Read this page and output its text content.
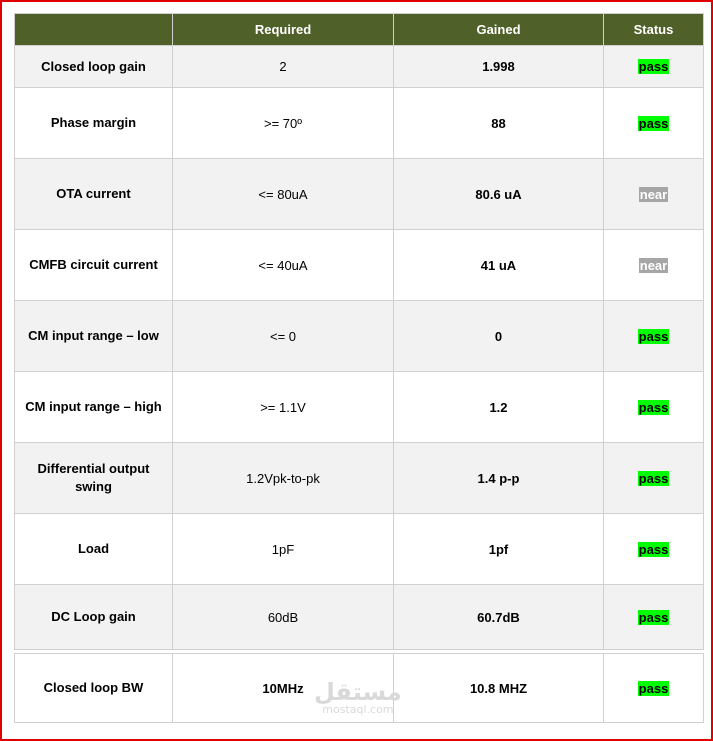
	Required	Gained	Status
Closed loop gain	2	1.998	pass
Phase margin	>= 70º	88	pass
OTA current	<= 80uA	80.6 uA	near
CMFB circuit current	<= 40uA	41 uA	near
CM input range – low	<= 0	0	pass
CM input range – high	>= 1.1V	1.2	pass
Differential output swing	1.2Vpk-to-pk	1.4 p-p	pass
Load	1pF	1pf	pass
DC Loop gain	60dB	60.7dB	pass

Closed loop BW	10MHz	10.8 MHZ	pass
مستقل
mostaql.com
